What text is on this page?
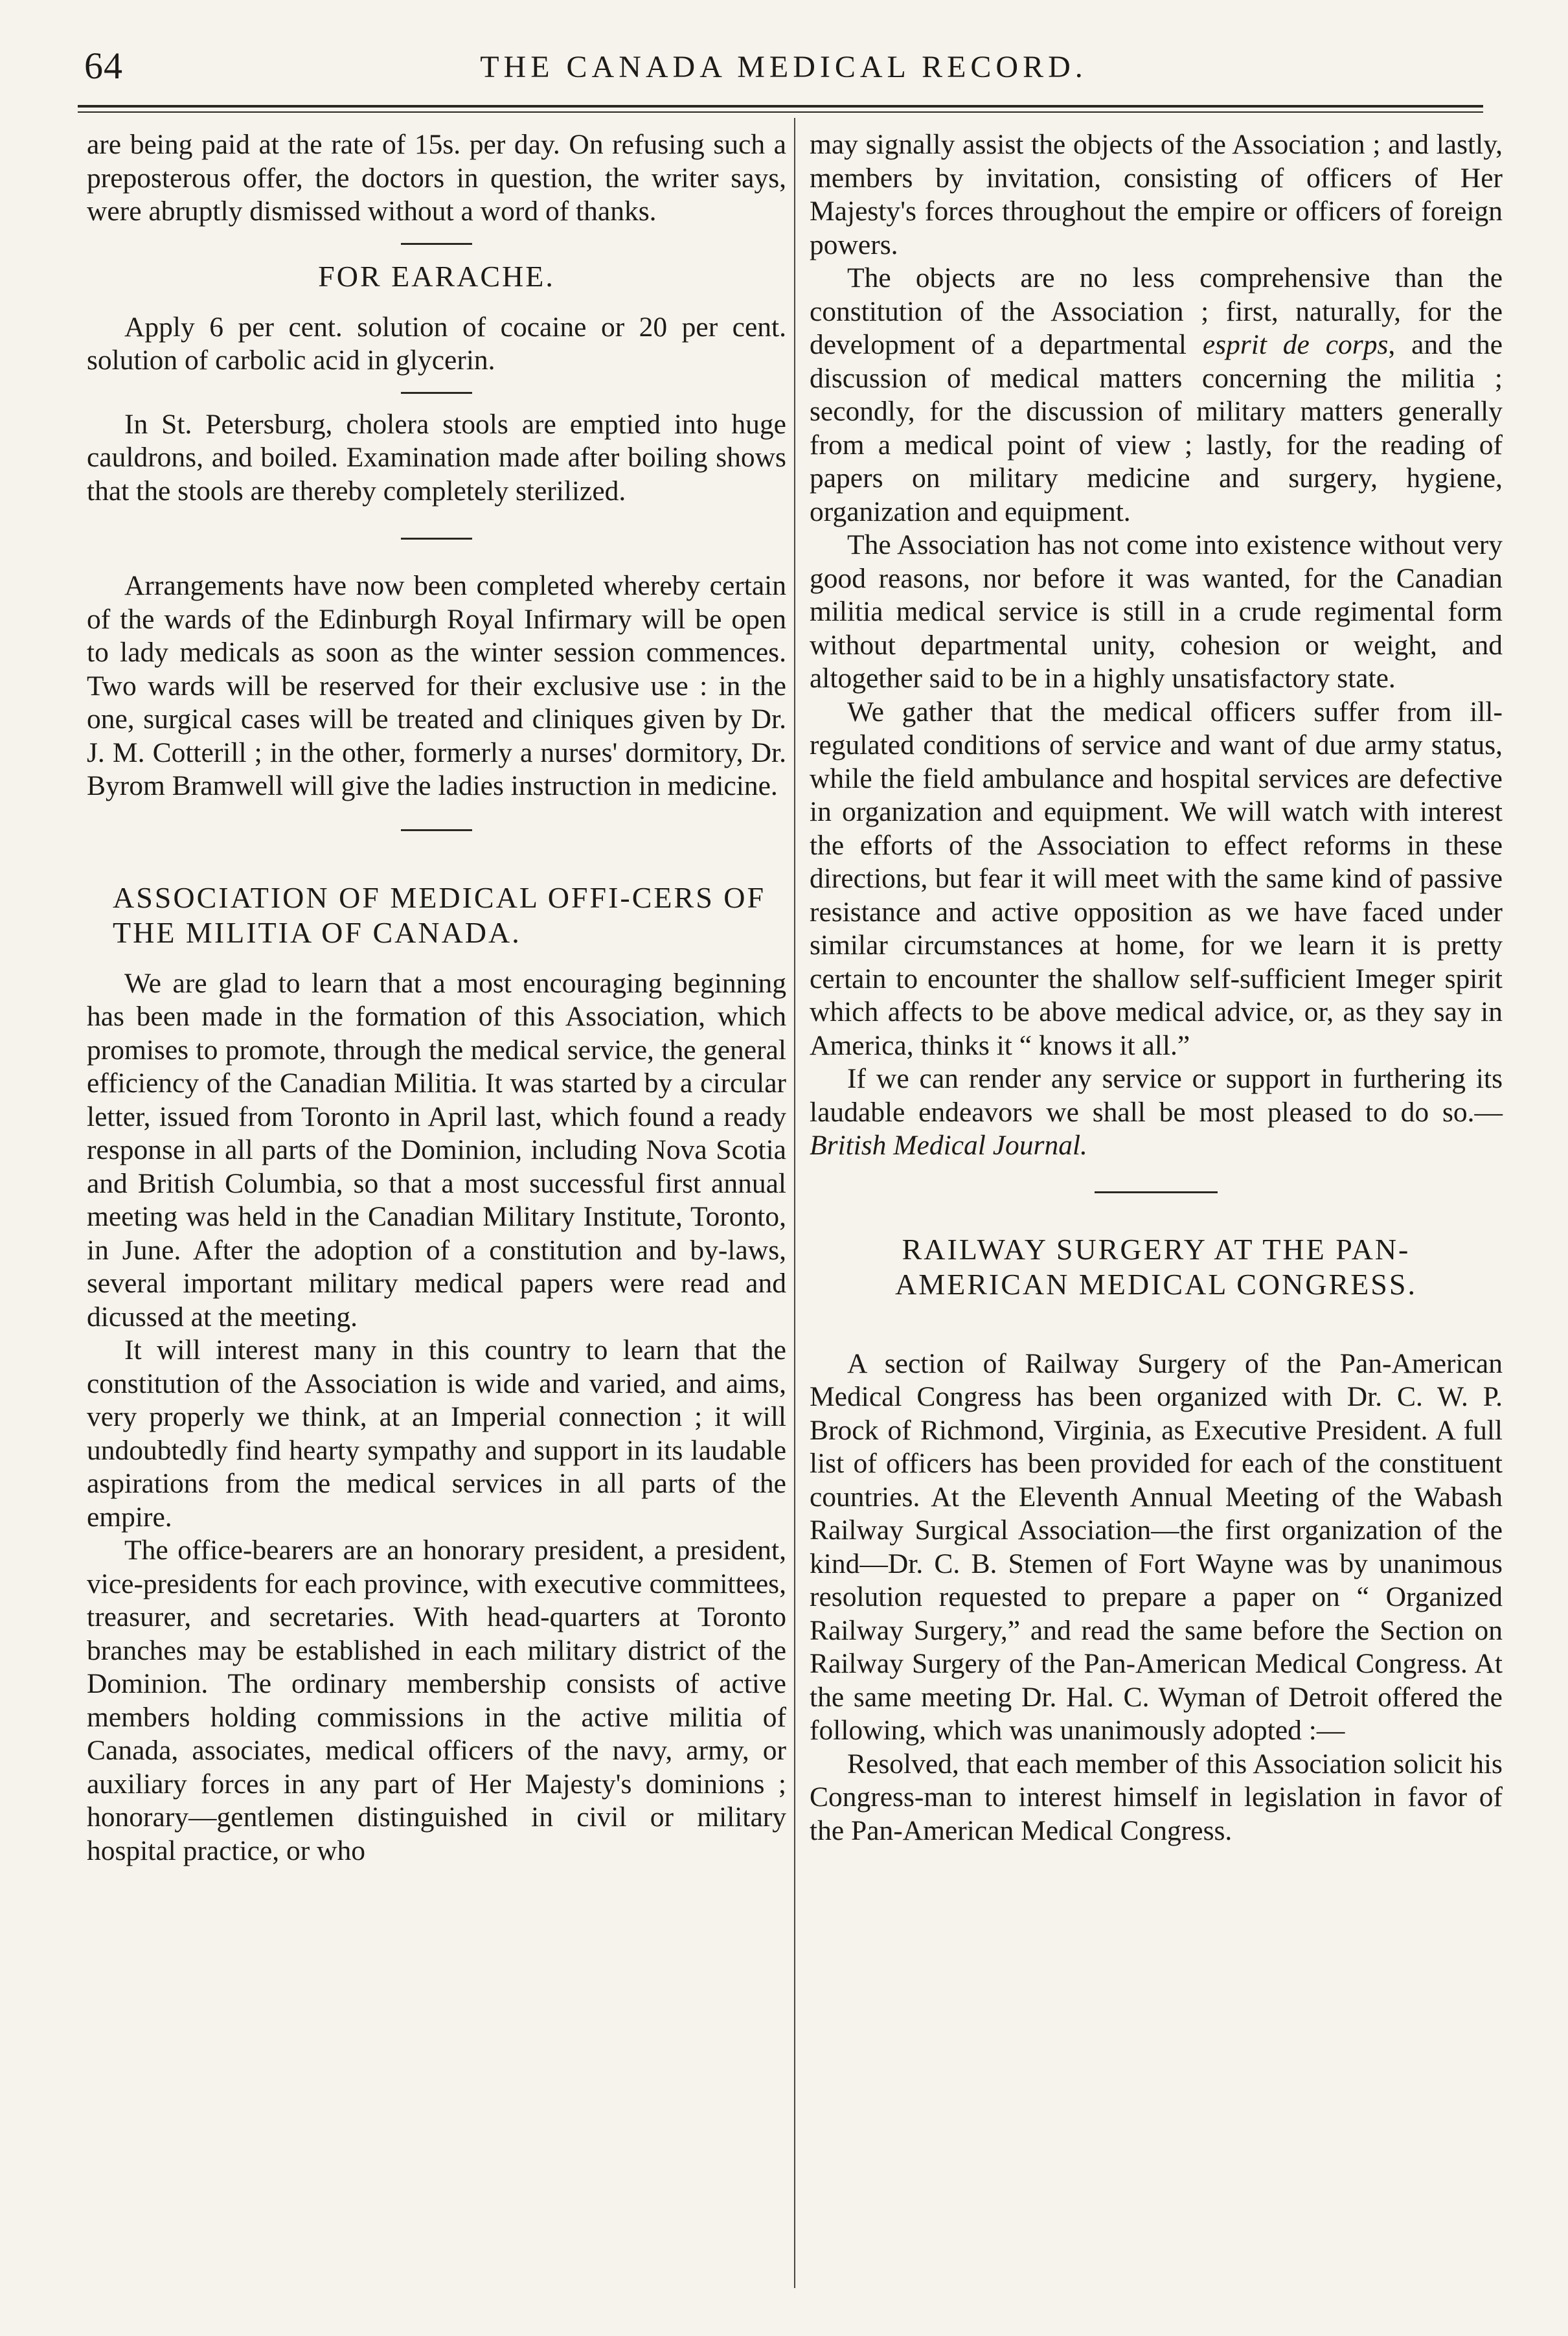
64	THE CANADA MEDICAL RECORD.

are being paid at the rate of 15s. per day. On refusing such a preposterous offer, the doctors in question, the writer says, were abruptly dismissed without a word of thanks.

FOR EARACHE.

Apply 6 per cent. solution of cocaine or 20 per cent. solution of carbolic acid in glycerin.

In St. Petersburg, cholera stools are emptied into huge cauldrons, and boiled. Examination made after boiling shows that the stools are thereby completely sterilized.

Arrangements have now been completed whereby certain of the wards of the Edinburgh Royal Infirmary will be open to lady medicals as soon as the winter session commences. Two wards will be reserved for their exclusive use : in the one, surgical cases will be treated and cliniques given by Dr. J. M. Cotterill ; in the other, formerly a nurses' dormitory, Dr. Byrom Bramwell will give the ladies instruction in medicine.

ASSOCIATION OF MEDICAL OFFI-CERS OF THE MILITIA OF CANADA.

We are glad to learn that a most encouraging beginning has been made in the formation of this Association, which promises to promote, through the medical service, the general efficiency of the Canadian Militia. It was started by a circular letter, issued from Toronto in April last, which found a ready response in all parts of the Dominion, including Nova Scotia and British Columbia, so that a most successful first annual meeting was held in the Canadian Military Institute, Toronto, in June. After the adoption of a constitution and by-laws, several important military medical papers were read and dicussed at the meeting.

It will interest many in this country to learn that the constitution of the Association is wide and varied, and aims, very properly we think, at an Imperial connection ; it will undoubtedly find hearty sympathy and support in its laudable aspirations from the medical services in all parts of the empire.

The office-bearers are an honorary president, a president, vice-presidents for each province, with executive committees, treasurer, and secretaries. With head-quarters at Toronto branches may be established in each military district of the Dominion. The ordinary membership consists of active members holding commissions in the active militia of Canada, associates, medical officers of the navy, army, or auxiliary forces in any part of Her Majesty's dominions ; honorary—gentlemen distinguished in civil or military hospital practice, or who

may signally assist the objects of the Association ; and lastly, members by invitation, consisting of officers of Her Majesty's forces throughout the empire or officers of foreign powers.

The objects are no less comprehensive than the constitution of the Association ; first, naturally, for the development of a departmental esprit de corps, and the discussion of medical matters concerning the militia ; secondly, for the discussion of military matters generally from a medical point of view ; lastly, for the reading of papers on military medicine and surgery, hygiene, organization and equipment.

The Association has not come into existence without very good reasons, nor before it was wanted, for the Canadian militia medical service is still in a crude regimental form without departmental unity, cohesion or weight, and altogether said to be in a highly unsatisfactory state.

We gather that the medical officers suffer from ill-regulated conditions of service and want of due army status, while the field ambulance and hospital services are defective in organization and equipment. We will watch with interest the efforts of the Association to effect reforms in these directions, but fear it will meet with the same kind of passive resistance and active opposition as we have faced under similar circumstances at home, for we learn it is pretty certain to encounter the shallow self-sufficient Imeger spirit which affects to be above medical advice, or, as they say in America, thinks it “ knows it all.”

If we can render any service or support in furthering its laudable endeavors we shall be most pleased to do so.—British Medical Journal.

RAILWAY SURGERY AT THE PAN-AMERICAN MEDICAL CONGRESS.

A section of Railway Surgery of the Pan-American Medical Congress has been organized with Dr. C. W. P. Brock of Richmond, Virginia, as Executive President. A full list of officers has been provided for each of the constituent countries. At the Eleventh Annual Meeting of the Wabash Railway Surgical Association—the first organization of the kind—Dr. C. B. Stemen of Fort Wayne was by unanimous resolution requested to prepare a paper on “ Organized Railway Surgery,” and read the same before the Section on Railway Surgery of the Pan-American Medical Congress. At the same meeting Dr. Hal. C. Wyman of Detroit offered the following, which was unanimously adopted :—

Resolved, that each member of this Association solicit his Congress-man to interest himself in legislation in favor of the Pan-American Medical Congress.
